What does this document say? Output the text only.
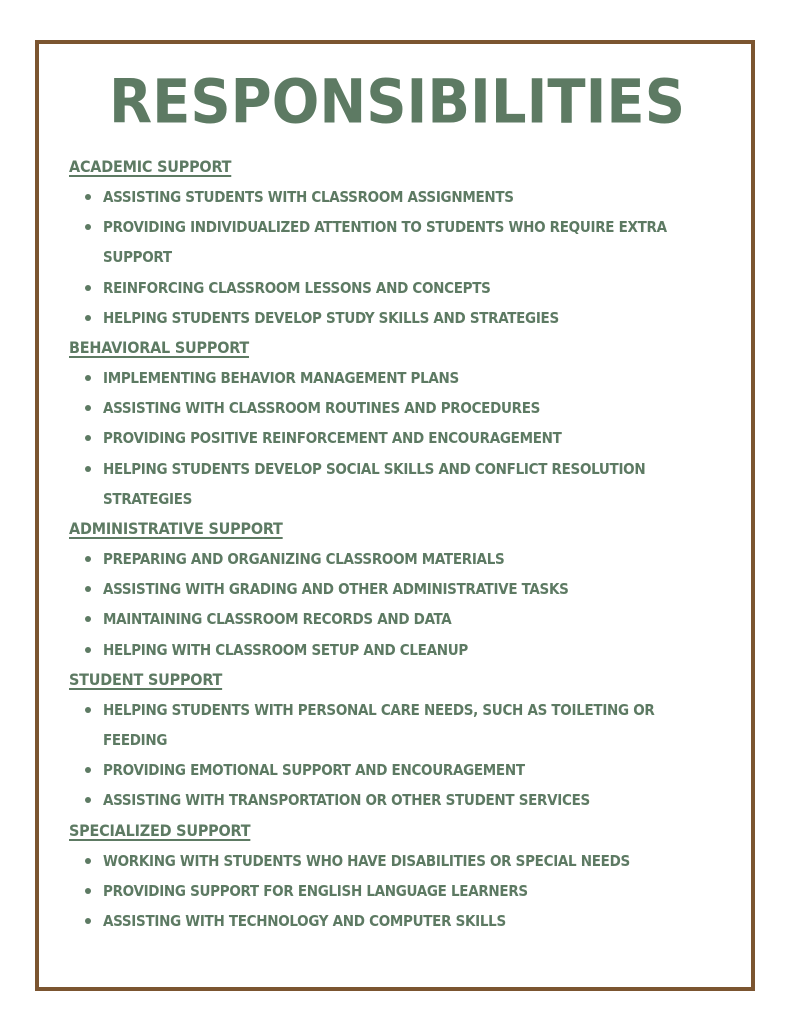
RESPONSIBILITIES
ACADEMIC SUPPORT
ASSISTING STUDENTS WITH CLASSROOM ASSIGNMENTS
PROVIDING INDIVIDUALIZED ATTENTION TO STUDENTS WHO REQUIRE EXTRA SUPPORT
REINFORCING CLASSROOM LESSONS AND CONCEPTS
HELPING STUDENTS DEVELOP STUDY SKILLS AND STRATEGIES
BEHAVIORAL SUPPORT
IMPLEMENTING BEHAVIOR MANAGEMENT PLANS
ASSISTING WITH CLASSROOM ROUTINES AND PROCEDURES
PROVIDING POSITIVE REINFORCEMENT AND ENCOURAGEMENT
HELPING STUDENTS DEVELOP SOCIAL SKILLS AND CONFLICT RESOLUTION STRATEGIES
ADMINISTRATIVE SUPPORT
PREPARING AND ORGANIZING CLASSROOM MATERIALS
ASSISTING WITH GRADING AND OTHER ADMINISTRATIVE TASKS
MAINTAINING CLASSROOM RECORDS AND DATA
HELPING WITH CLASSROOM SETUP AND CLEANUP
STUDENT SUPPORT
HELPING STUDENTS WITH PERSONAL CARE NEEDS, SUCH AS TOILETING OR FEEDING
PROVIDING EMOTIONAL SUPPORT AND ENCOURAGEMENT
ASSISTING WITH TRANSPORTATION OR OTHER STUDENT SERVICES
SPECIALIZED SUPPORT
WORKING WITH STUDENTS WHO HAVE DISABILITIES OR SPECIAL NEEDS
PROVIDING SUPPORT FOR ENGLISH LANGUAGE LEARNERS
ASSISTING WITH TECHNOLOGY AND COMPUTER SKILLS
